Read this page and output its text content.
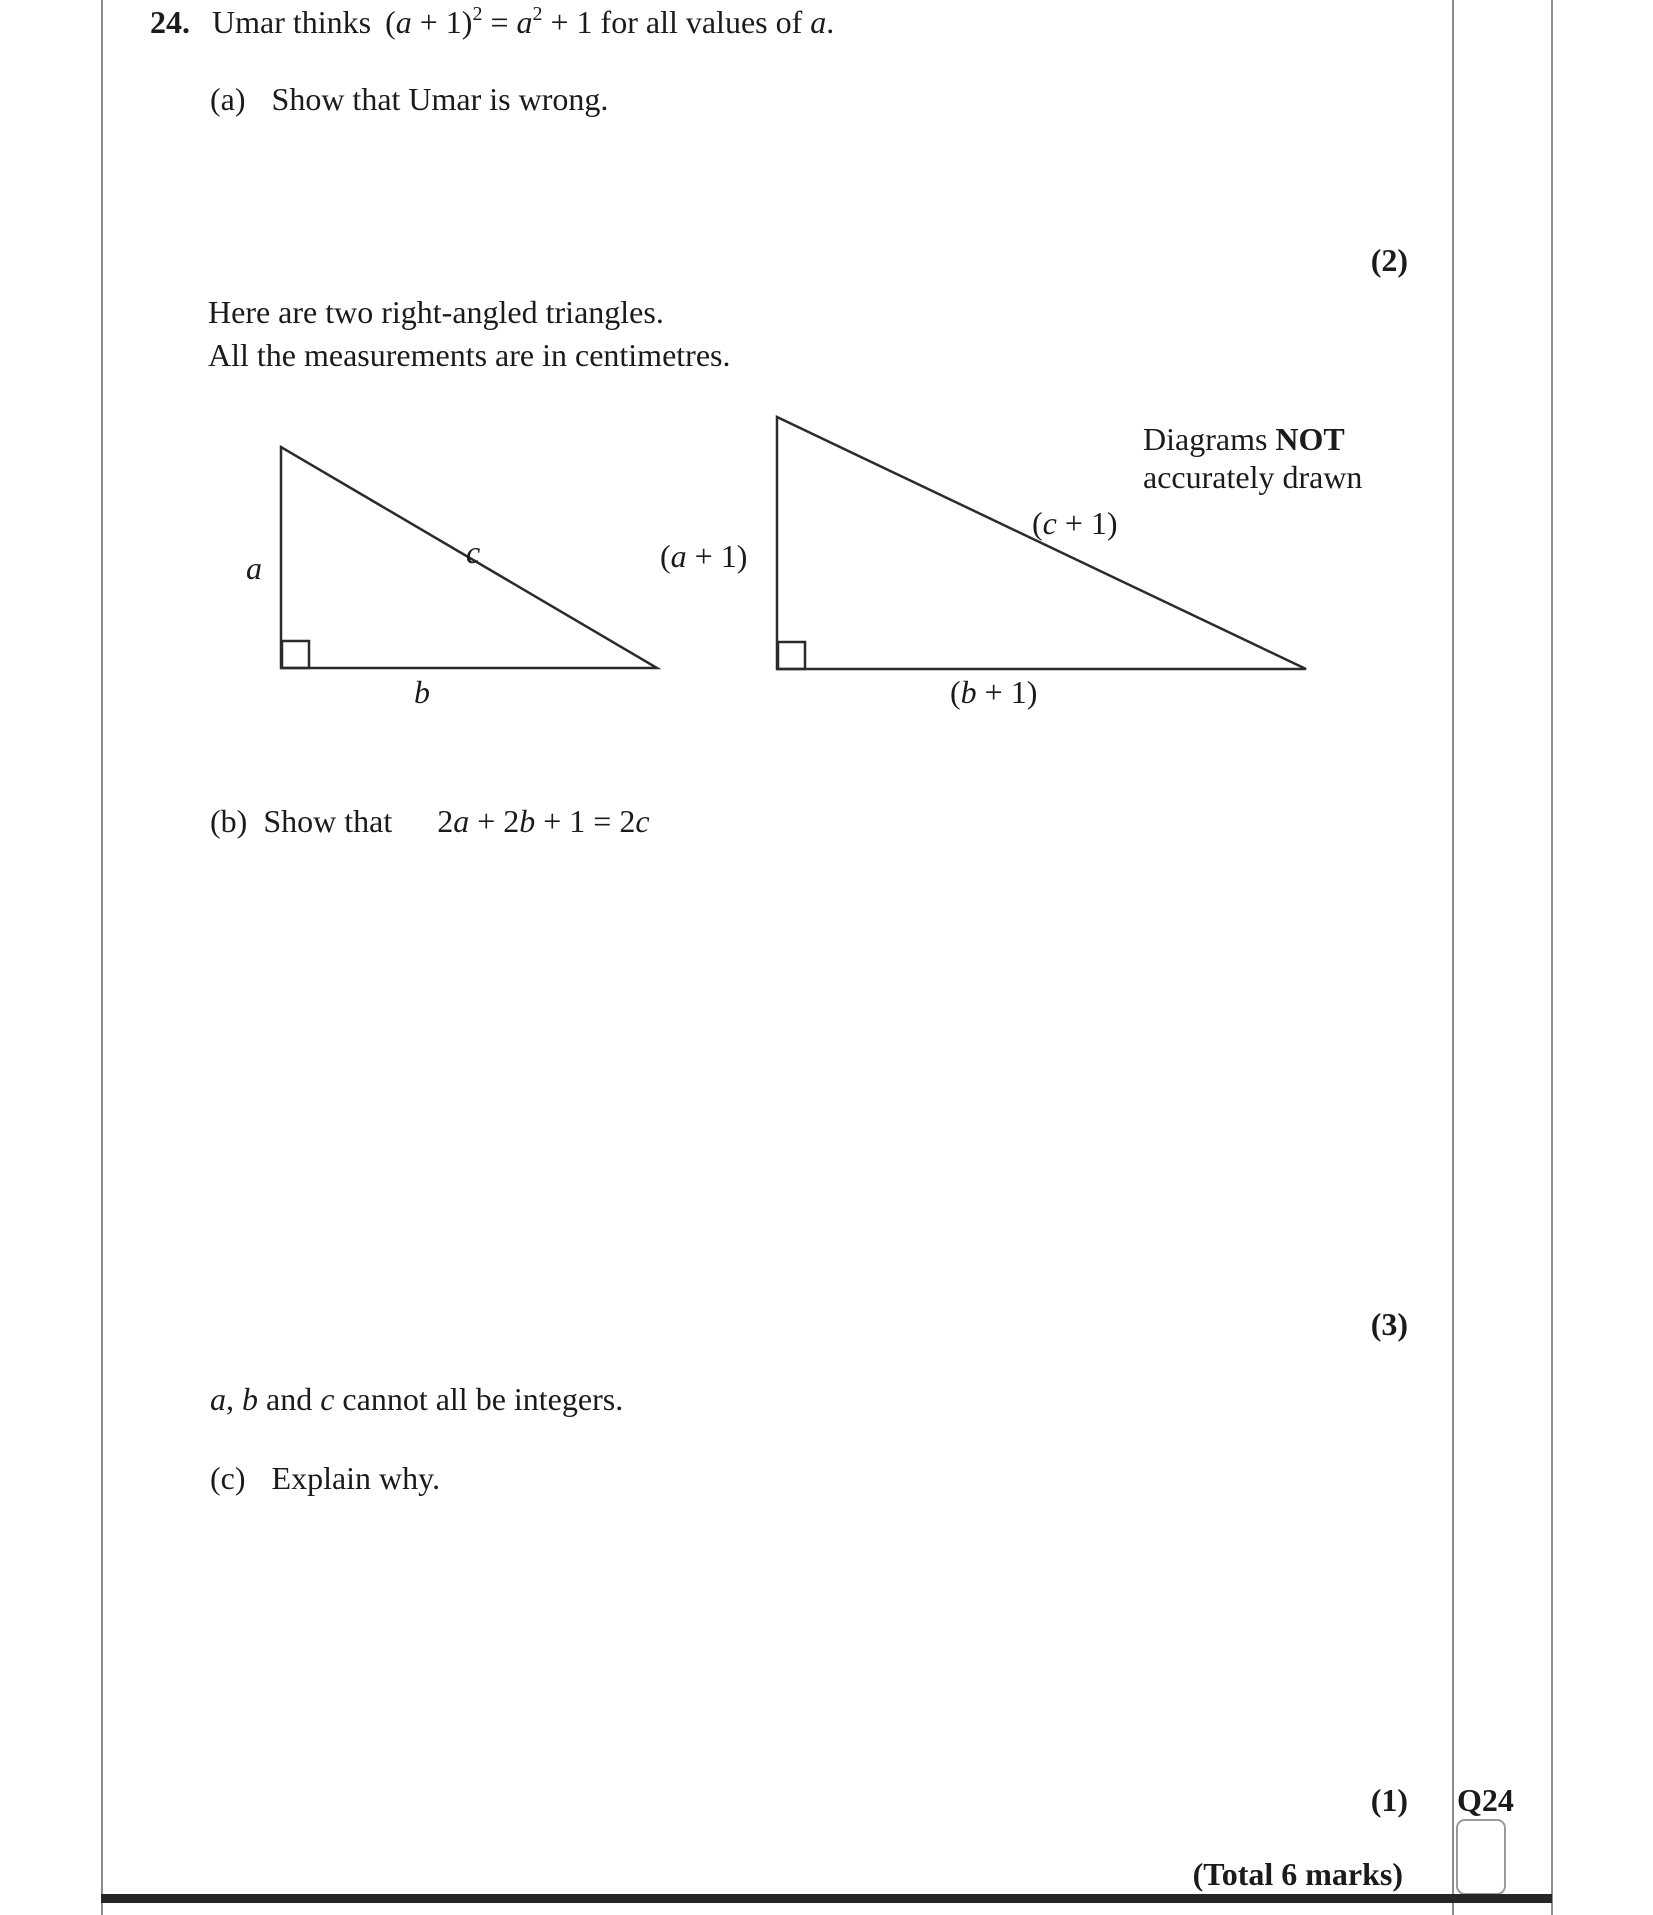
24. Umar thinks $(a + 1)^2 = a^2 + 1$ for all values of a.
(a) Show that Umar is wrong.
(2)
Here are two right-angled triangles.
All the measurements are in centimetres.
Diagrams NOT
accurately drawn
a
b
c	(a + 1)
(c + 1)
(b + 1)
(b) Show that 2a + 2b + 1 = 2c
(3)
a, b and c cannot all be integers.
(c) Explain why.
(1) Q24
(Total 6 marks)
